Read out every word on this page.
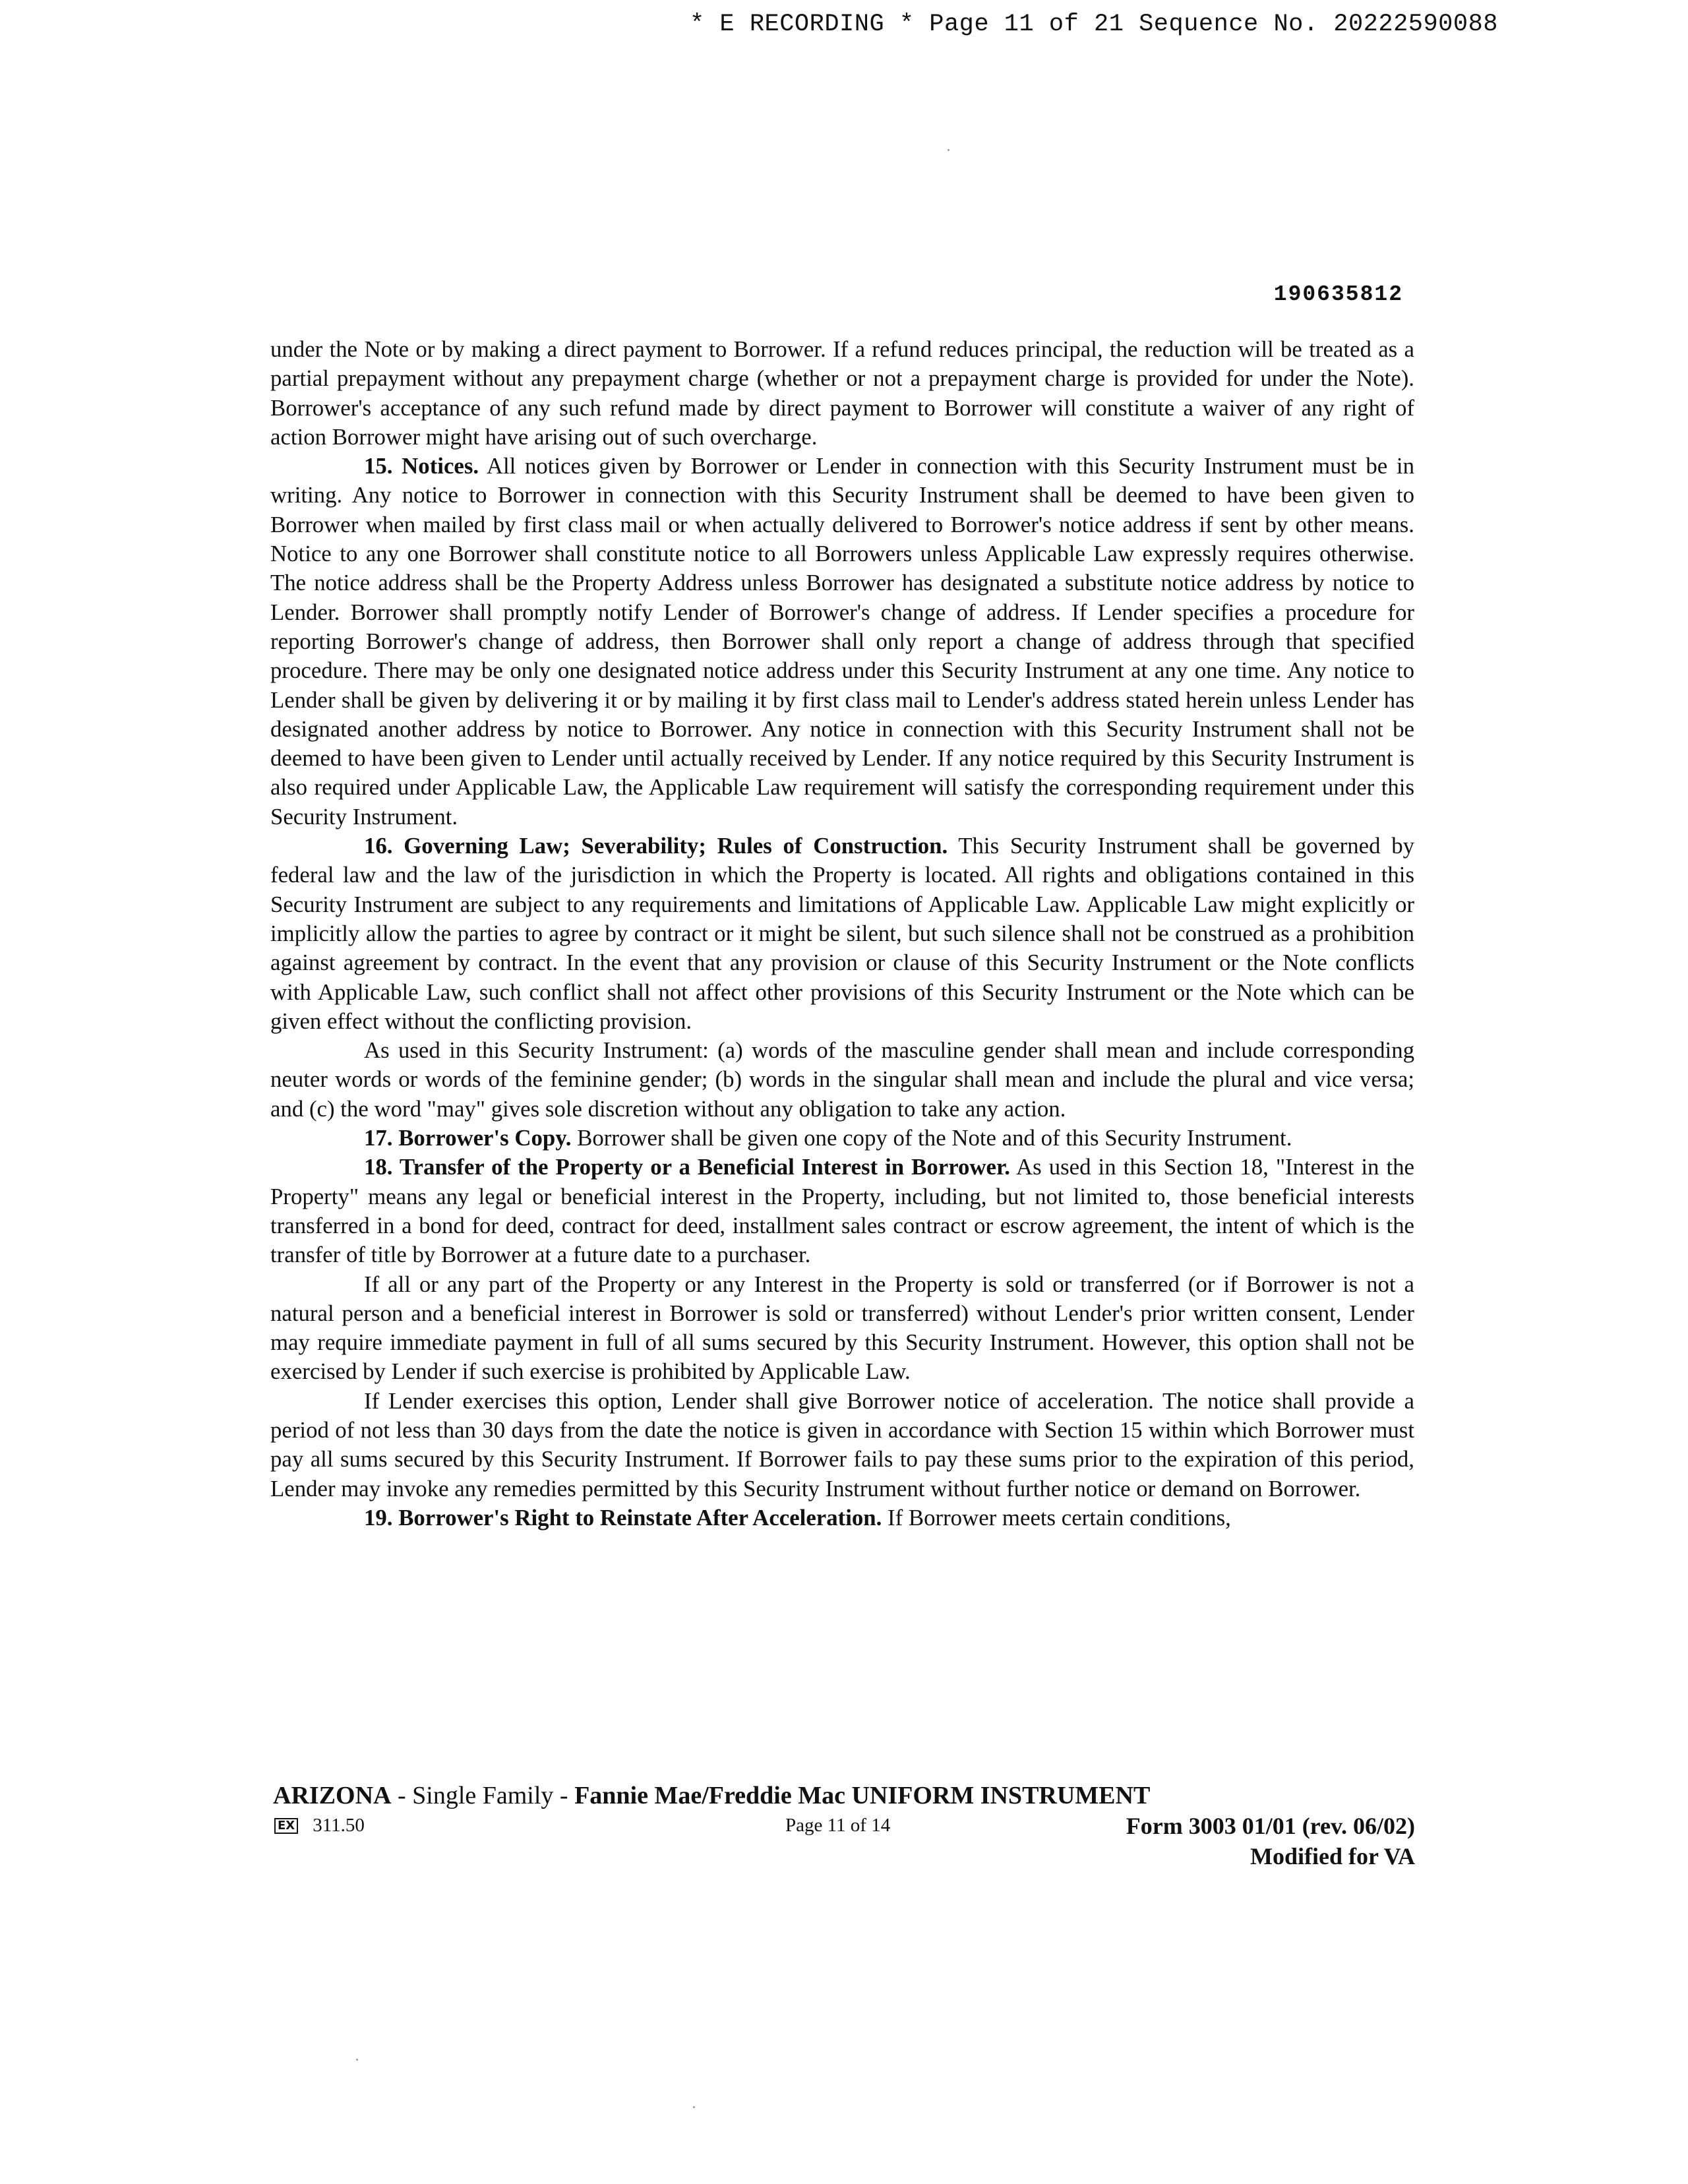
* E RECORDING * Page 11 of 21 Sequence No. 20222590088
190635812

under the Note or by making a direct payment to Borrower. If a refund reduces principal, the reduction will be treated as a partial prepayment without any prepayment charge (whether or not a prepayment charge is provided for under the Note). Borrower's acceptance of any such refund made by direct payment to Borrower will constitute a waiver of any right of action Borrower might have arising out of such overcharge.

15. Notices. All notices given by Borrower or Lender in connection with this Security Instrument must be in writing. Any notice to Borrower in connection with this Security Instrument shall be deemed to have been given to Borrower when mailed by first class mail or when actually delivered to Borrower's notice address if sent by other means. Notice to any one Borrower shall constitute notice to all Borrowers unless Applicable Law expressly requires otherwise. The notice address shall be the Property Address unless Borrower has designated a substitute notice address by notice to Lender. Borrower shall promptly notify Lender of Borrower's change of address. If Lender specifies a procedure for reporting Borrower's change of address, then Borrower shall only report a change of address through that specified procedure. There may be only one designated notice address under this Security Instrument at any one time. Any notice to Lender shall be given by delivering it or by mailing it by first class mail to Lender's address stated herein unless Lender has designated another address by notice to Borrower. Any notice in connection with this Security Instrument shall not be deemed to have been given to Lender until actually received by Lender. If any notice required by this Security Instrument is also required under Applicable Law, the Applicable Law requirement will satisfy the corresponding requirement under this Security Instrument.

16. Governing Law; Severability; Rules of Construction. This Security Instrument shall be governed by federal law and the law of the jurisdiction in which the Property is located. All rights and obligations contained in this Security Instrument are subject to any requirements and limitations of Applicable Law. Applicable Law might explicitly or implicitly allow the parties to agree by contract or it might be silent, but such silence shall not be construed as a prohibition against agreement by contract. In the event that any provision or clause of this Security Instrument or the Note conflicts with Applicable Law, such conflict shall not affect other provisions of this Security Instrument or the Note which can be given effect without the conflicting provision.

As used in this Security Instrument: (a) words of the masculine gender shall mean and include corresponding neuter words or words of the feminine gender; (b) words in the singular shall mean and include the plural and vice versa; and (c) the word "may" gives sole discretion without any obligation to take any action.

17. Borrower's Copy. Borrower shall be given one copy of the Note and of this Security Instrument.

18. Transfer of the Property or a Beneficial Interest in Borrower. As used in this Section 18, "Interest in the Property" means any legal or beneficial interest in the Property, including, but not limited to, those beneficial interests transferred in a bond for deed, contract for deed, installment sales contract or escrow agreement, the intent of which is the transfer of title by Borrower at a future date to a purchaser.

If all or any part of the Property or any Interest in the Property is sold or transferred (or if Borrower is not a natural person and a beneficial interest in Borrower is sold or transferred) without Lender's prior written consent, Lender may require immediate payment in full of all sums secured by this Security Instrument. However, this option shall not be exercised by Lender if such exercise is prohibited by Applicable Law.

If Lender exercises this option, Lender shall give Borrower notice of acceleration. The notice shall provide a period of not less than 30 days from the date the notice is given in accordance with Section 15 within which Borrower must pay all sums secured by this Security Instrument. If Borrower fails to pay these sums prior to the expiration of this period, Lender may invoke any remedies permitted by this Security Instrument without further notice or demand on Borrower.

19. Borrower's Right to Reinstate After Acceleration. If Borrower meets certain conditions,

ARIZONA - Single Family - Fannie Mae/Freddie Mac UNIFORM INSTRUMENT
EX 311.50	Page 11 of 14	Form 3003 01/01 (rev. 06/02)
Modified for VA
